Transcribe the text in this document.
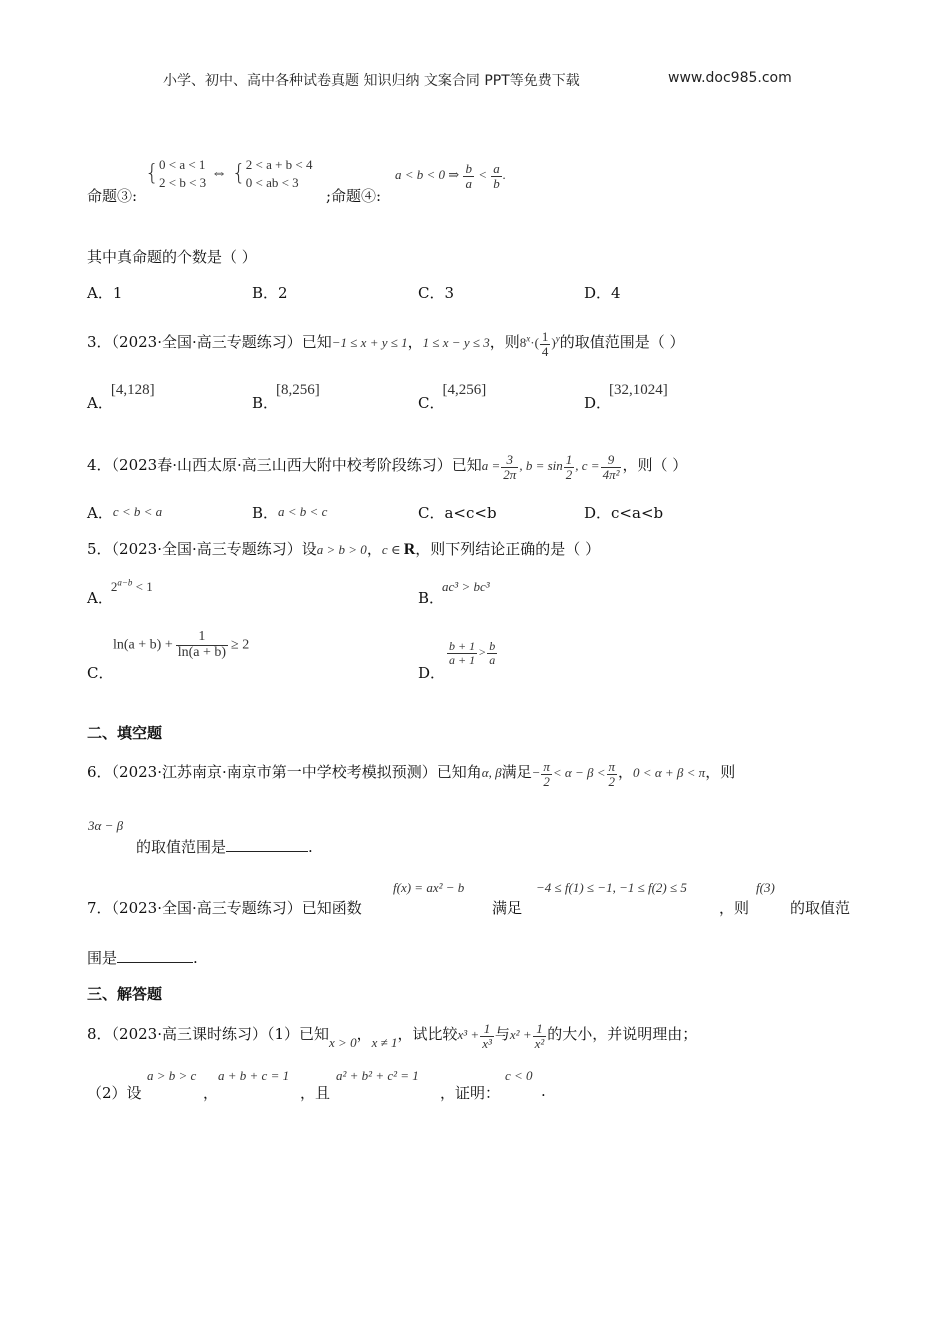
小学、初中、高中各种试卷真题 知识归纳 文案合同 PPT等免费下载	www.doc985.com
命题③:
{ 0 < a < 1
2 < b < 3
⇔ { 2 < a + b < 4
0 < ab < 3
;命题④:
a < b < 0 ⇒ $\frac{b}{a} < \frac{a}{b}$ .
其中真命题的个数是（ ）
A．1	B．2	C．3	D．4
3．（2023·全国·高三专题练习）已知−1 ≤ x + y ≤ 1，1 ≤ x − y ≤ 3，则$8^x\cdot( \frac{1}{4} )^y$的取值范围是（ ）
A．[4,128]
B．[8,256]
C．[4,256]
D．[32,1024]
4．（2023春·山西太原·高三山西大附中校考阶段练习）已知$a = \frac{3}{2\pi}$ , $b = \sin \frac{1}{2}$ , $c = \frac{9}{\text{4π²}}$ ，则（ ）
A．c < b < a	B．a < b < c	C．a<c<b	D．c<a<b
5．（2023·全国·高三专题练习）设a > b > 0，c ∈ R，则下列结论正确的是（ ）
A．$2^{a-b} < 1$
B．ac³ > bc³
C．
$\ln(a + b) + \frac{1}{\ln(a + b)} \ge 2$
D．
$\frac{b + 1}{a + 1} > \frac{b}{a}$
二、填空题
6．（2023·江苏南京·南京市第一中学校考模拟预测）已知角α, β满足− $\frac{\pi}{2} < \alpha - \beta < \frac{\pi}{2}$ ，0 < α + β < π，则
3α − β
的取值范围是	.
7．（2023·全国·高三专题练习）已知函数
f(x) = ax² − b
满足
−4 ≤ f(1) ≤ −1, −1 ≤ f(2) ≤ 5
，则
f(3)
的取值范
围是	.
三、解答题
8．（2023·高三课时练习）（1）已知x > 0，x ≠ 1，试比较$x^3 + \frac{1}{\text{x³}}$ 与$x^2 + \frac{1}{\text{x²}}$ 的大小，并说明理由；
（2）设
a > b > c
，
a + b + c = 1
，且
a² + b² + c² = 1
，证明：
c < 0
.
